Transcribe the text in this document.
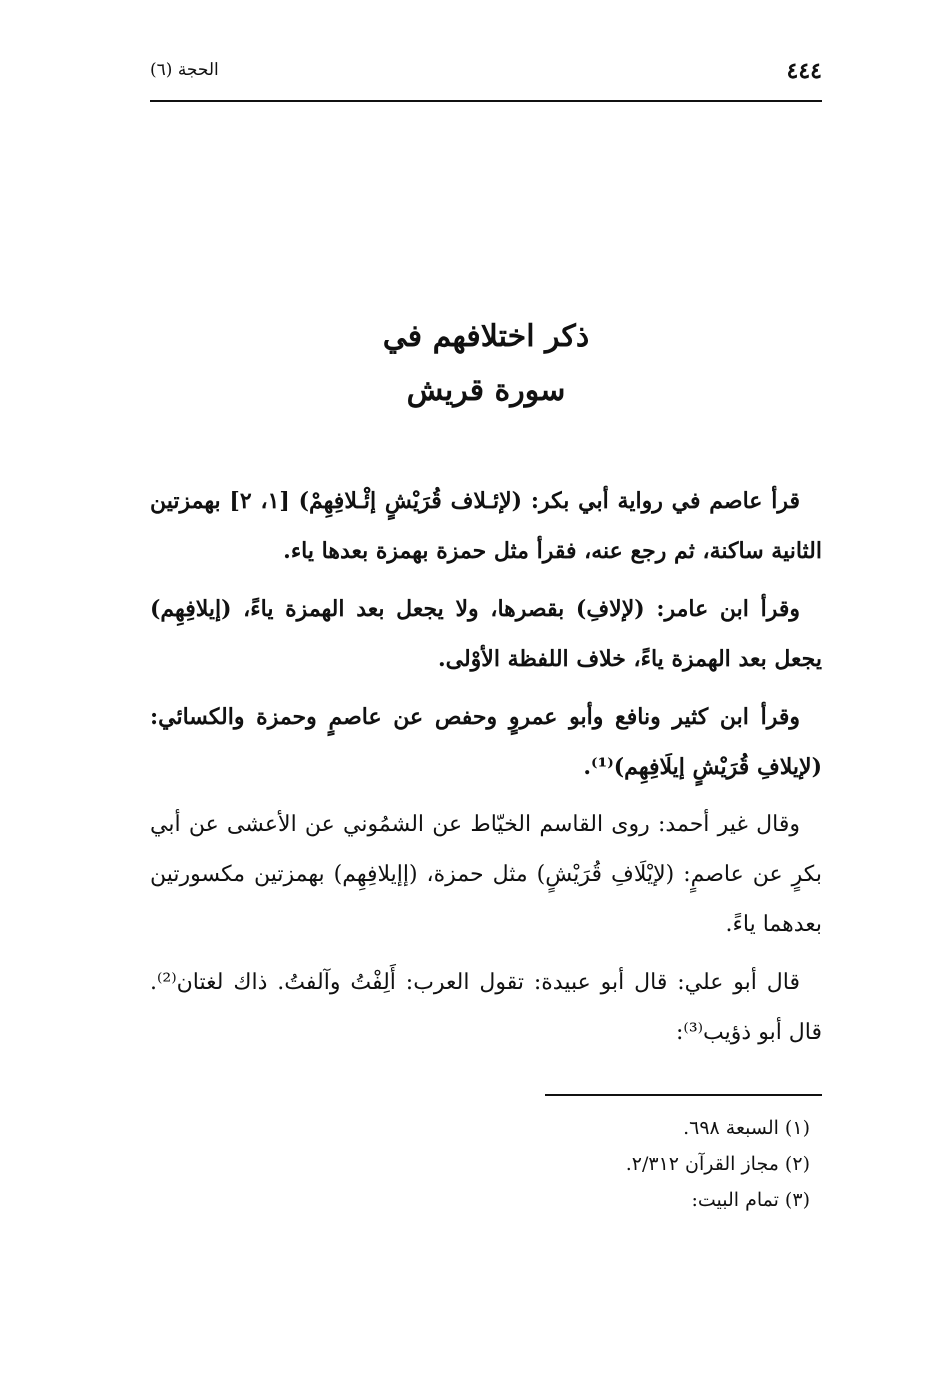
٤٤٤
الحجة (٦)
ذكر اختلافهم في
سورة قريش

قرأ عاصم في رواية أبي بكر: (لإئـلاف قُرَيْشٍ إئْـلافِهِمْ) [١، ٢] بهمزتين الثانية ساكنة، ثم رجع عنه، فقرأ مثل حمزة بهمزة بعدها ياء.

وقرأ ابن عامر: (لإلافِ) بقصرها، ولا يجعل بعد الهمزة ياءً، (إيلافِهِم) يجعل بعد الهمزة ياءً، خلاف اللفظة الأوْلى.

وقرأ ابن كثير ونافع وأبو عمروٍ وحفص عن عاصمٍ وحمزة والكسائي: (لإيلافِ قُرَيْشٍ إيلَافِهِم)⁽¹⁾.

وقال غير أحمد: روى القاسم الخيّاط عن الشمُوني عن الأعشى عن أبي بكرٍ عن عاصمٍ: (لإيْلَافِ قُرَيْشٍ) مثل حمزة، (إإيلافِهِم) بهمزتين مكسورتين بعدهما ياءً.

قال أبو علي: قال أبو عبيدة: تقول العرب: أَلِفْتُ وآلفتُ. ذاك لغتان⁽²⁾. قال أبو ذؤيب⁽³⁾:

(١) السبعة ٦٩٨.

(٢) مجاز القرآن ٢/٣١٢.

(٣) تمام البيت:
